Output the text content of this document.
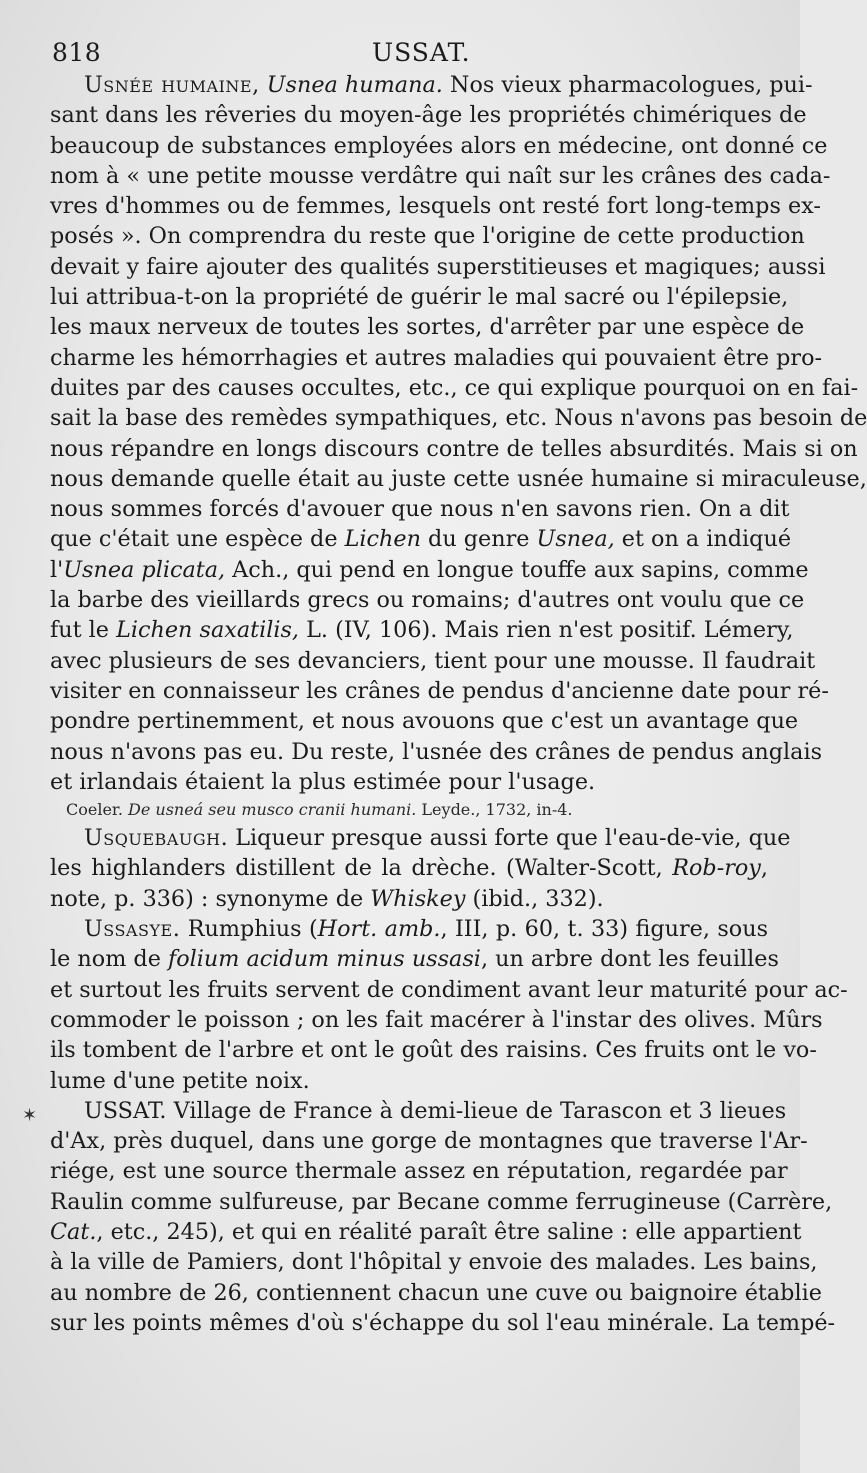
818	USSAT.
✶
Usnée humaine, Usnea humana. Nos vieux pharmacologues, pui-
sant dans les rêveries du moyen-âge les propriétés chimériques de
beaucoup de substances employées alors en médecine, ont donné ce
nom à « une petite mousse verdâtre qui naît sur les crânes des cada-
vres d'hommes ou de femmes, lesquels ont resté fort long-temps ex-
posés ». On comprendra du reste que l'origine de cette production
devait y faire ajouter des qualités superstitieuses et magiques; aussi
lui attribua-t-on la propriété de guérir le mal sacré ou l'épilepsie,
les maux nerveux de toutes les sortes, d'arrêter par une espèce de
charme les hémorrhagies et autres maladies qui pouvaient être pro-
duites par des causes occultes, etc., ce qui explique pourquoi on en fai-
sait la base des remèdes sympathiques, etc. Nous n'avons pas besoin de
nous répandre en longs discours contre de telles absurdités. Mais si on
nous demande quelle était au juste cette usnée humaine si miraculeuse,
nous sommes forcés d'avouer que nous n'en savons rien. On a dit
que c'était une espèce de Lichen du genre Usnea, et on a indiqué
l'Usnea plicata, Ach., qui pend en longue touffe aux sapins, comme
la barbe des vieillards grecs ou romains; d'autres ont voulu que ce
fut le Lichen saxatilis, L. (IV, 106). Mais rien n'est positif. Lémery,
avec plusieurs de ses devanciers, tient pour une mousse. Il faudrait
visiter en connaisseur les crânes de pendus d'ancienne date pour ré-
pondre pertinemment, et nous avouons que c'est un avantage que
nous n'avons pas eu. Du reste, l'usnée des crânes de pendus anglais
et irlandais étaient la plus estimée pour l'usage.
Coeler. De usneá seu musco cranii humani. Leyde., 1732, in-4.
Usquebaugh. Liqueur presque aussi forte que l'eau-de-vie, que
les highlanders distillent de la drèche. (Walter-Scott, Rob-roy,
note, p. 336) : synonyme de Whiskey (ibid., 332).
Ussasye. Rumphius (Hort. amb., III, p. 60, t. 33) figure, sous
le nom de folium acidum minus ussasi, un arbre dont les feuilles
et surtout les fruits servent de condiment avant leur maturité pour ac-
commoder le poisson ; on les fait macérer à l'instar des olives. Mûrs
ils tombent de l'arbre et ont le goût des raisins. Ces fruits ont le vo-
lume d'une petite noix.
USSAT. Village de France à demi-lieue de Tarascon et 3 lieues
d'Ax, près duquel, dans une gorge de montagnes que traverse l'Ar-
riége, est une source thermale assez en réputation, regardée par
Raulin comme sulfureuse, par Becane comme ferrugineuse (Carrère,
Cat., etc., 245), et qui en réalité paraît être saline : elle appartient
à la ville de Pamiers, dont l'hôpital y envoie des malades. Les bains,
au nombre de 26, contiennent chacun une cuve ou baignoire établie
sur les points mêmes d'où s'échappe du sol l'eau minérale. La tempé-
